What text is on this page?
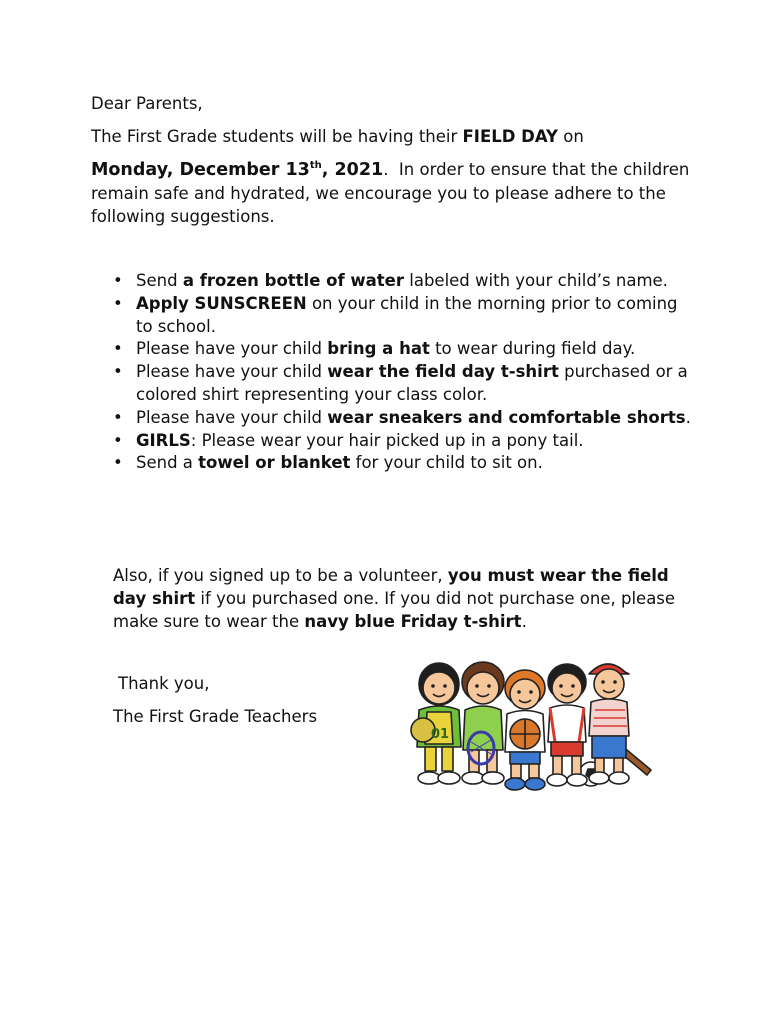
Dear Parents,

The First Grade students will be having their FIELD DAY on

Monday, December 13th, 2021.  In order to ensure that the children remain safe and hydrated, we encourage you to please adhere to the following suggestions.

• Send a frozen bottle of water labeled with your child’s name.
• Apply SUNSCREEN on your child in the morning prior to coming to school.
• Please have your child bring a hat to wear during field day.
• Please have your child wear the field day t-shirt purchased or a colored shirt representing your class color.
• Please have your child wear sneakers and comfortable shorts.
• GIRLS: Please wear your hair picked up in a pony tail.
• Send a towel or blanket for your child to sit on.

Also, if you signed up to be a volunteer, you must wear the field day shirt if you purchased one. If you did not purchase one, please make sure to wear the navy blue Friday t-shirt.

Thank you,

The First Grade Teachers

01
